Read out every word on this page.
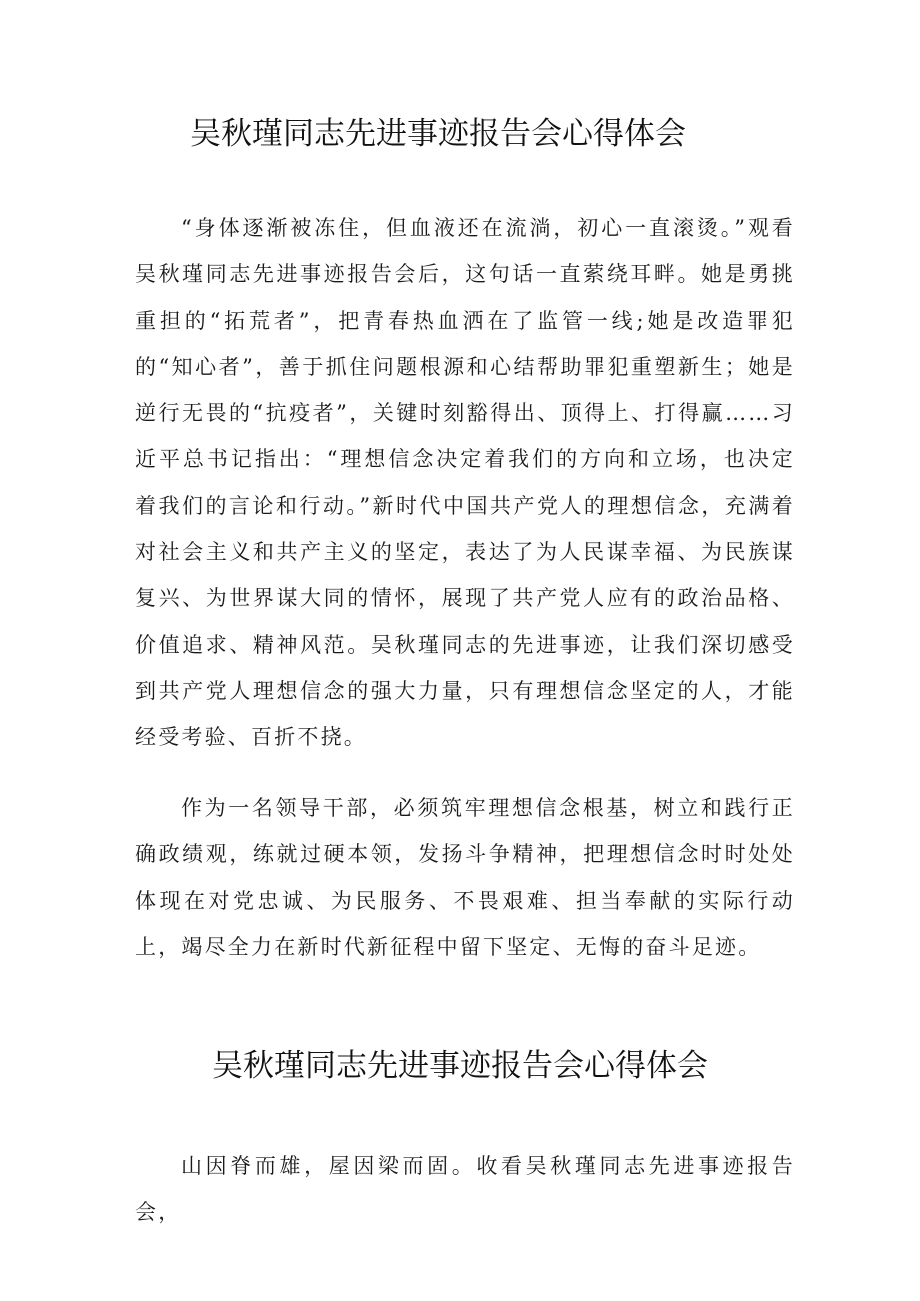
吴秋瑾同志先进事迹报告会心得体会

“身体逐渐被冻住，但血液还在流淌，初心一直滚烫。”观看吴秋瑾同志先进事迹报告会后，这句话一直萦绕耳畔。她是勇挑重担的“拓荒者”，把青春热血洒在了监管一线;她是改造罪犯的“知心者”，善于抓住问题根源和心结帮助罪犯重塑新生；她是逆行无畏的“抗疫者”，关键时刻豁得出、顶得上、打得赢……习近平总书记指出：“理想信念决定着我们的方向和立场，也决定着我们的言论和行动。”新时代中国共产党人的理想信念，充满着对社会主义和共产主义的坚定，表达了为人民谋幸福、为民族谋复兴、为世界谋大同的情怀，展现了共产党人应有的政治品格、价值追求、精神风范。吴秋瑾同志的先进事迹，让我们深切感受到共产党人理想信念的强大力量，只有理想信念坚定的人，才能经受考验、百折不挠。

作为一名领导干部，必须筑牢理想信念根基，树立和践行正确政绩观，练就过硬本领，发扬斗争精神，把理想信念时时处处体现在对党忠诚、为民服务、不畏艰难、担当奉献的实际行动上，竭尽全力在新时代新征程中留下坚定、无悔的奋斗足迹。

吴秋瑾同志先进事迹报告会心得体会

山因脊而雄，屋因梁而固。收看吴秋瑾同志先进事迹报告会，
